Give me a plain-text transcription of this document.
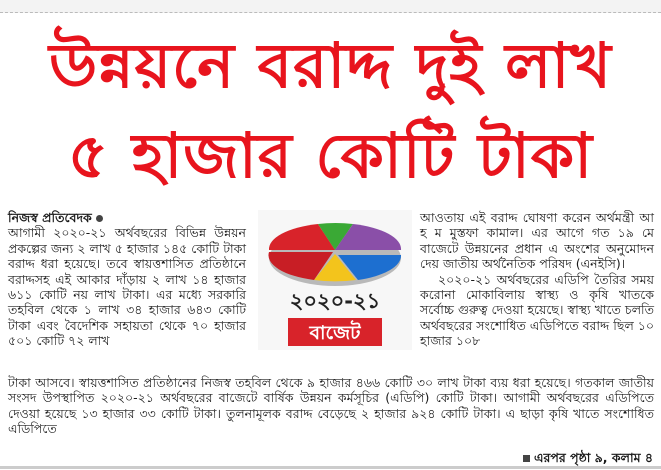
উন্নয়নে বরাদ্দ দুই লাখ
৫ হাজার কোটি টাকা

নিজস্ব প্রতিবেদক

আগামী ২০২০-২১ অর্থবছরের বিভিন্ন উন্নয়ন প্রকল্পের জন্য ২ লাখ ৫ হাজার ১৪৫ কোটি টাকা বরাদ্দ ধরা হয়েছে। তবে স্বায়ত্তশাসিত প্রতিষ্ঠানে বরাদ্দসহ এই আকার দাঁড়ায় ২ লাখ ১৪ হাজার ৬১১ কোটি নয় লাখ টাকা। এর মধ্যে সরকারি তহবিল থেকে ১ লাখ ৩৪ হাজার ৬৪৩ কোটি টাকা এবং বৈদেশিক সহায়তা থেকে ৭০ হাজার ৫০১ কোটি ৭২ লাখ

২০২০-২১
বাজেট

আওতায় এই বরাদ্দ ঘোষণা করেন অর্থমন্ত্রী আ হ ম মুস্তফা কামাল। এর আগে গত ১৯ মে বাজেটে উন্নয়নের প্রধান এ অংশের অনুমোদন দেয় জাতীয় অর্থনৈতিক পরিষদ (এনইসি)।

২০২০-২১ অর্থবছরের এডিপি তৈরির সময় করোনা মোকাবিলায় স্বাস্থ্য ও কৃষি খাতকে সর্বোচ্চ গুরুত্ব দেওয়া হয়েছে। স্বাস্থ্য খাতে চলতি অর্থবছরের সংশোধিত এডিপিতে বরাদ্দ ছিল ১০ হাজার ১০৮

টাকা আসবে। স্বায়ত্তশাসিত প্রতিষ্ঠানের নিজস্ব তহবিল থেকে ৯ হাজার ৪৬৬ কোটি ৩০ লাখ টাকা ব্যয় ধরা হয়েছে। গতকাল জাতীয় সংসদ উপস্থাপিত ২০২০-২১ অর্থবছরের বাজেটে বার্ষিক উন্নয়ন কর্মসূচির (এডিপি) কোটি টাকা। আগামী অর্থবছরের এডিপিতে দেওয়া হয়েছে ১৩ হাজার ৩৩ কোটি টাকা। তুলনামূলক বরাদ্দ বেড়েছে ২ হাজার ৯২৪ কোটি টাকা। এ ছাড়া কৃষি খাতে সংশোধিত এডিপিতে
এরপর পৃষ্ঠা ৯, কলাম ৪
